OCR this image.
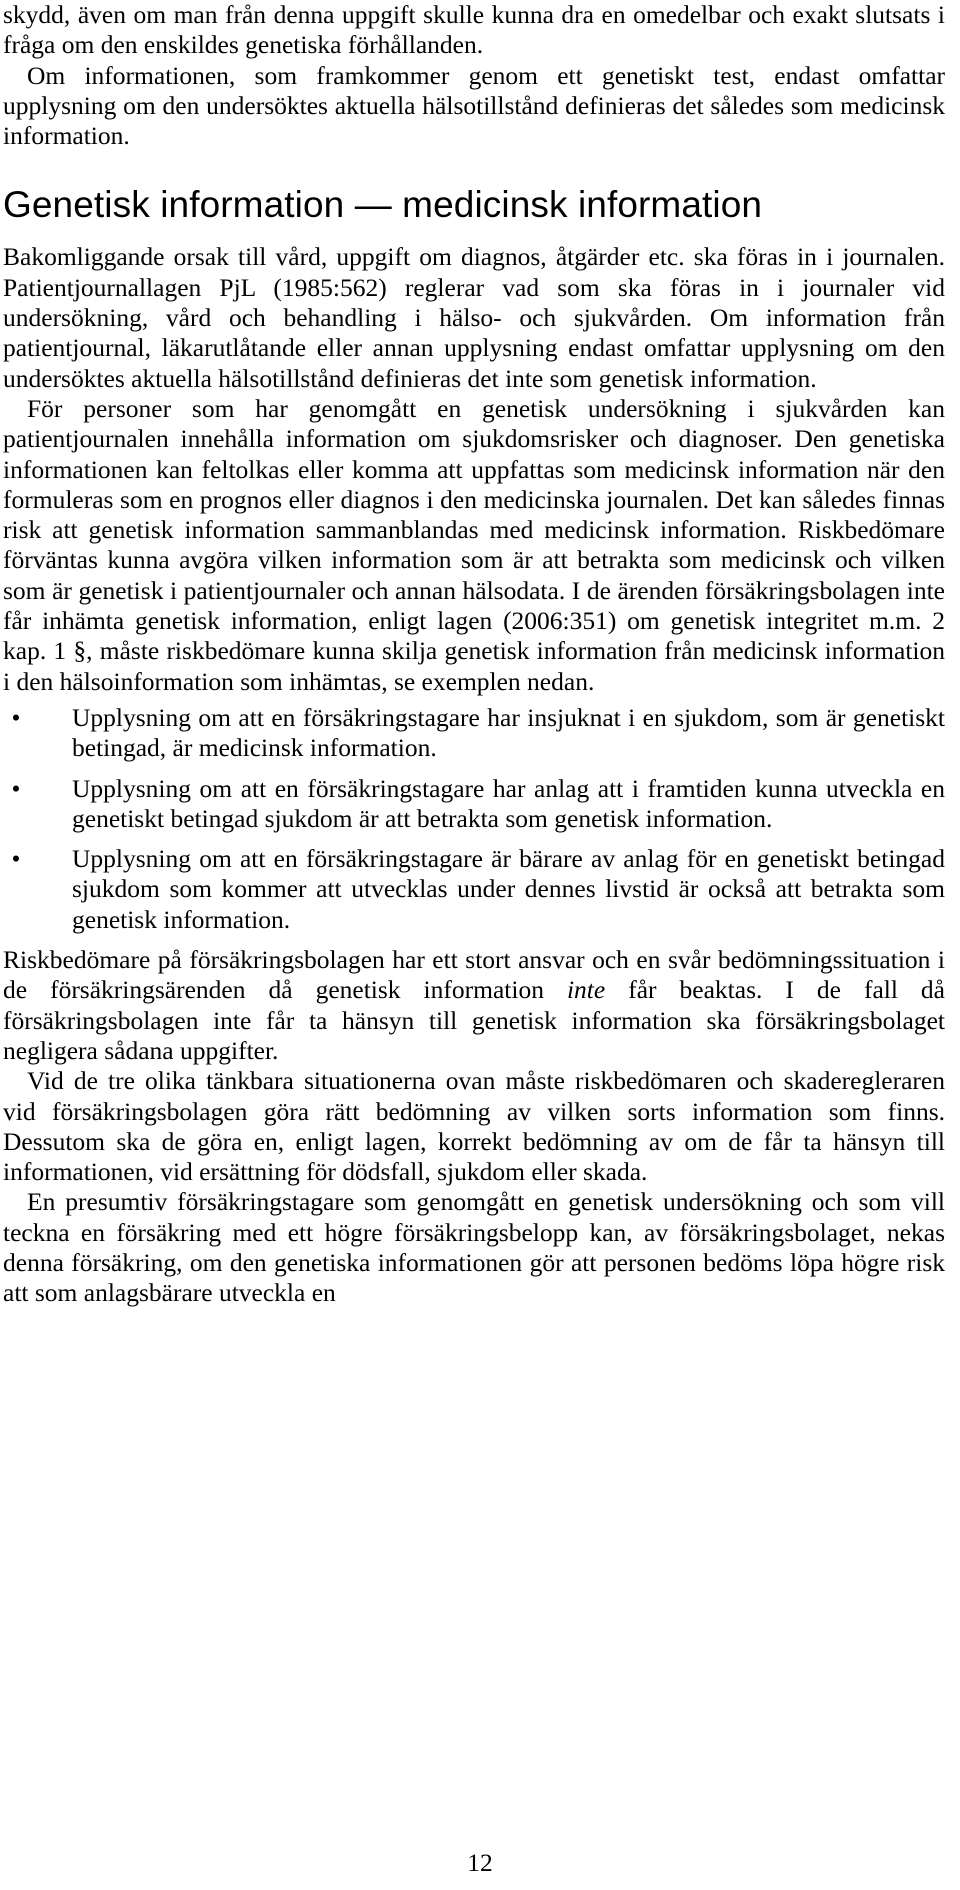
skydd, även om man från denna uppgift skulle kunna dra en omedelbar och exakt slutsats i fråga om den enskildes genetiska förhållanden.

Om informationen, som framkommer genom ett genetiskt test, endast omfattar upplysning om den undersöktes aktuella hälsotillstånd definieras det således som medicinsk information.

Genetisk information — medicinsk information

Bakomliggande orsak till vård, uppgift om diagnos, åtgärder etc. ska föras in i journalen. Patientjournallagen PjL (1985:562) reglerar vad som ska föras in i journaler vid undersökning, vård och behandling i hälso- och sjukvården. Om information från patientjournal, läkarutlåtande eller annan upplysning endast omfattar upplysning om den undersöktes aktuella hälsotillstånd definieras det inte som genetisk information.

För personer som har genomgått en genetisk undersökning i sjukvården kan patientjournalen innehålla information om sjukdomsrisker och diagnoser. Den genetiska informationen kan feltolkas eller komma att uppfattas som medicinsk information när den formuleras som en prognos eller diagnos i den medicinska journalen. Det kan således finnas risk att genetisk information sammanblandas med medicinsk information. Riskbedömare förväntas kunna avgöra vilken information som är att betrakta som medicinsk och vilken som är genetisk i patientjournaler och annan hälsodata. I de ärenden försäkringsbolagen inte får inhämta genetisk information, enligt lagen (2006:351) om genetisk integritet m.m. 2 kap. 1 §, måste riskbedömare kunna skilja genetisk information från medicinsk information i den hälsoinformation som inhämtas, se exemplen nedan.

• Upplysning om att en försäkringstagare har insjuknat i en sjukdom, som är genetiskt betingad, är medicinsk information.
• Upplysning om att en försäkringstagare har anlag att i framtiden kunna utveckla en genetiskt betingad sjukdom är att betrakta som genetisk information.
• Upplysning om att en försäkringstagare är bärare av anlag för en genetiskt betingad sjukdom som kommer att utvecklas under dennes livstid är också att betrakta som genetisk information.

Riskbedömare på försäkringsbolagen har ett stort ansvar och en svår bedömningssituation i de försäkringsärenden då genetisk information inte får beaktas. I de fall då försäkringsbolagen inte får ta hänsyn till genetisk information ska försäkringsbolaget negligera sådana uppgifter.

Vid de tre olika tänkbara situationerna ovan måste riskbedömaren och skaderegleraren vid försäkringsbolagen göra rätt bedömning av vilken sorts information som finns. Dessutom ska de göra en, enligt lagen, korrekt bedömning av om de får ta hänsyn till informationen, vid ersättning för dödsfall, sjukdom eller skada.

En presumtiv försäkringstagare som genomgått en genetisk undersökning och som vill teckna en försäkring med ett högre försäkringsbelopp kan, av försäkringsbolaget, nekas denna försäkring, om den genetiska informationen gör att personen bedöms löpa högre risk att som anlagsbärare utveckla en

12
